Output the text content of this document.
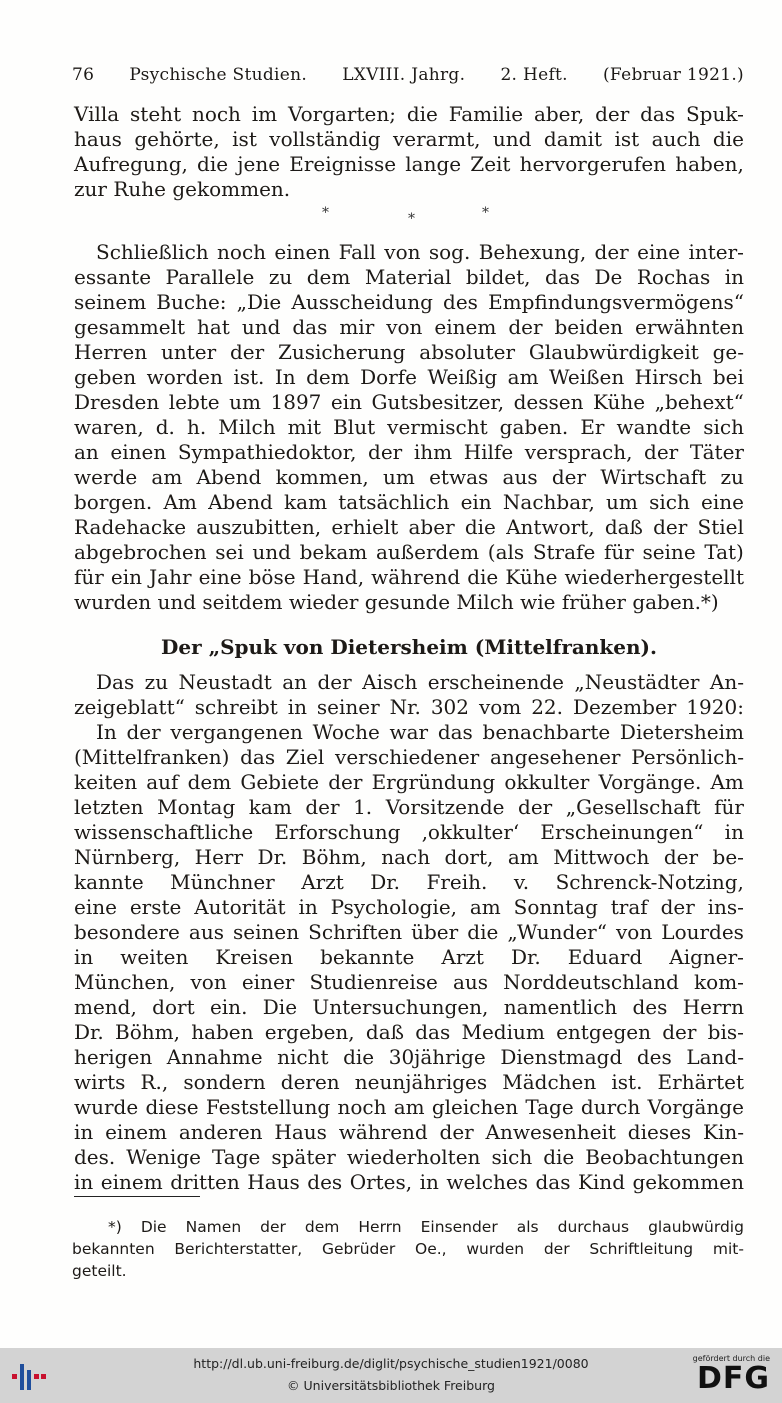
76 Psychische Studien. LXVIII. Jahrg. 2. Heft. (Februar 1921.)
Villa steht noch im Vorgarten; die Familie aber, der das Spuk-
haus gehörte, ist vollständig verarmt, und damit ist auch die
Aufregung, die jene Ereignisse lange Zeit hervorgerufen haben,
zur Ruhe gekommen.
Schließlich noch einen Fall von sog. Behexung, der eine inter-
essante Parallele zu dem Material bildet, das De Rochas in
seinem Buche: „Die Ausscheidung des Empfindungsvermögens“
gesammelt hat und das mir von einem der beiden erwähnten
Herren unter der Zusicherung absoluter Glaubwürdigkeit ge-
geben worden ist. In dem Dorfe Weißig am Weißen Hirsch bei
Dresden lebte um 1897 ein Gutsbesitzer, dessen Kühe „behext“
waren, d. h. Milch mit Blut vermischt gaben. Er wandte sich
an einen Sympathiedoktor, der ihm Hilfe versprach, der Täter
werde am Abend kommen, um etwas aus der Wirtschaft zu
borgen. Am Abend kam tatsächlich ein Nachbar, um sich eine
Radehacke auszubitten, erhielt aber die Antwort, daß der Stiel
abgebrochen sei und bekam außerdem (als Strafe für seine Tat)
für ein Jahr eine böse Hand, während die Kühe wiederhergestellt
wurden und seitdem wieder gesunde Milch wie früher gaben.*)
Das zu Neustadt an der Aisch erscheinende „Neustädter An-
zeigeblatt“ schreibt in seiner Nr. 302 vom 22. Dezember 1920:
In der vergangenen Woche war das benachbarte Dietersheim
(Mittelfranken) das Ziel verschiedener angesehener Persönlich-
keiten auf dem Gebiete der Ergründung okkulter Vorgänge. Am
letzten Montag kam der 1. Vorsitzende der „Gesellschaft für
wissenschaftliche Erforschung ‚okkulter‘ Erscheinungen“ in
Nürnberg, Herr Dr. Böhm, nach dort, am Mittwoch der be-
kannte Münchner Arzt Dr. Freih. v. Schrenck-Notzing,
eine erste Autorität in Psychologie, am Sonntag traf der ins-
besondere aus seinen Schriften über die „Wunder“ von Lourdes
in weiten Kreisen bekannte Arzt Dr. Eduard Aigner-
München, von einer Studienreise aus Norddeutschland kom-
mend, dort ein. Die Untersuchungen, namentlich des Herrn
Dr. Böhm, haben ergeben, daß das Medium entgegen der bis-
herigen Annahme nicht die 30jährige Dienstmagd des Land-
wirts R., sondern deren neunjähriges Mädchen ist. Erhärtet
wurde diese Feststellung noch am gleichen Tage durch Vorgänge
in einem anderen Haus während der Anwesenheit dieses Kin-
des. Wenige Tage später wiederholten sich die Beobachtungen
in einem dritten Haus des Ortes, in welches das Kind gekommen
*	*	*
Der „Spuk von Dietersheim (Mittelfranken).
*) Die Namen der dem Herrn Einsender als durchaus glaubwürdig
bekannten Berichterstatter, Gebrüder Oe., wurden der Schriftleitung mit-
geteilt.
http://dl.ub.uni-freiburg.de/diglit/psychische_studien1921/0080
© Universitätsbibliothek Freiburg
gefördert durch die
DFG
